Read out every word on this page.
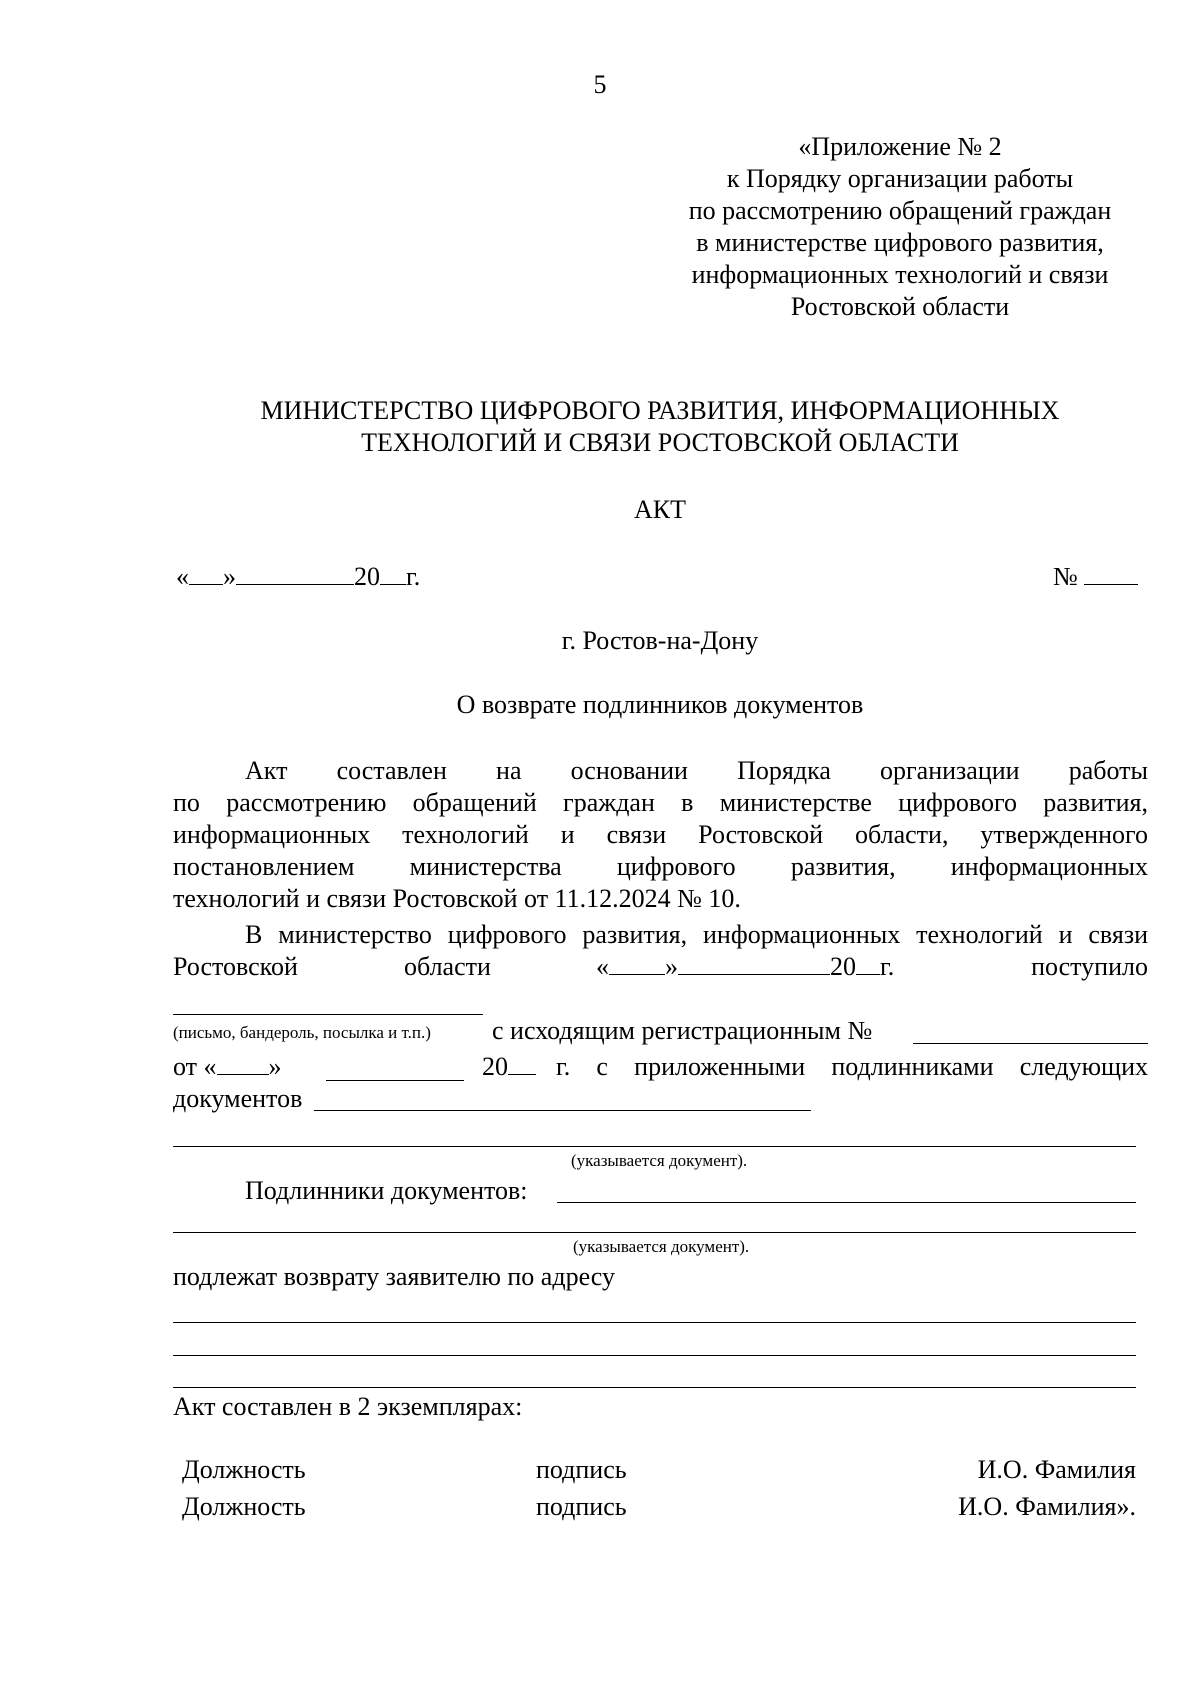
5
«Приложение № 2
к Порядку организации работы
по рассмотрению обращений граждан
в министерстве цифрового развития,
информационных технологий и связи
Ростовской области
МИНИСТЕРСТВО ЦИФРОВОГО РАЗВИТИЯ, ИНФОРМАЦИОННЫХ
ТЕХНОЛОГИЙ И СВЯЗИ РОСТОВСКОЙ ОБЛАСТИ
АКТ
« »	20 г.	№
г. Ростов-на-Дону
О возврате подлинников документов
Акт составлен на основании Порядка организации работы
по рассмотрению обращений граждан в министерстве цифрового развития,
информационных технологий и связи Ростовской области, утвержденного
постановлением министерства цифрового развития, информационных
технологий и связи Ростовской от 11.12.2024 № 10.
В министерство цифрового развития, информационных технологий и связи
Ростовской	области	« »	20 г.	поступило
(письмо, бандероль, посылка и т.п.) с исходящим регистрационным №
от « »	20	г. с приложенными подлинниками следующих
документов
(указывается документ).
Подлинники документов:
(указывается документ).
подлежат возврату заявителю по адресу
Акт составлен в 2 экземплярах:
Должность	подпись	И.О. Фамилия
Должность	подпись	И.О. Фамилия».
